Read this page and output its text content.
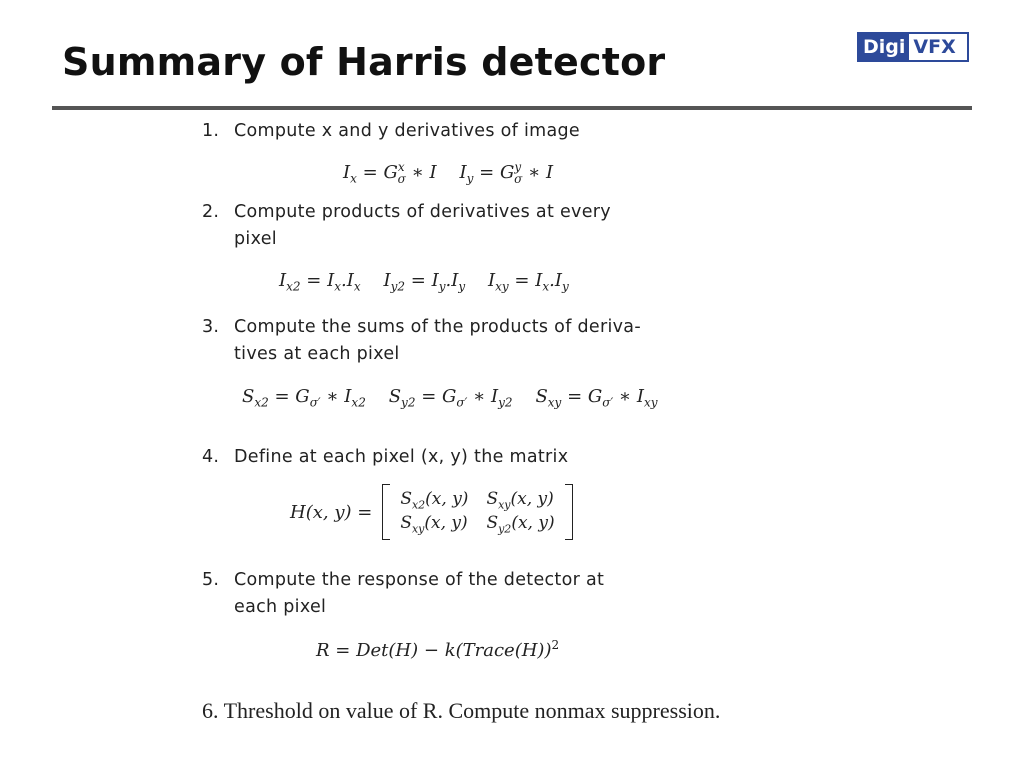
Summary of Harris detector	Digi VFX
1. Compute x and y derivatives of image
$I_x = G^x_\sigma$ ∗ I    $I_y = G^y_\sigma$ ∗ I
2. Compute products of derivatives at every
pixel
$I_{x2} = I_x.I_x$    $I_{y2} = I_y.I_y$    $I_{xy} = I_x.I_y$
3. Compute the sums of the products of deriva-
tives at each pixel
$S_{x2} = G_{\sigma'}$ ∗ $I_{x2}$    $S_{y2} = G_{\sigma'}$ ∗ $I_{y2}$    $S_{xy} = G_{\sigma'}$ ∗ $I_{xy}$
4. Define at each pixel (x, y) the matrix
H(x, y) =
$S_{x2}(x$, y) $S_{xy}(x$, y)
$S_{xy}(x$, y) $S_{y2}(x$, y)
5. Compute the response of the detector at
each pixel
R = Det(H) − k(Trace(H))$^2$
6. Threshold on value of R. Compute nonmax suppression.
